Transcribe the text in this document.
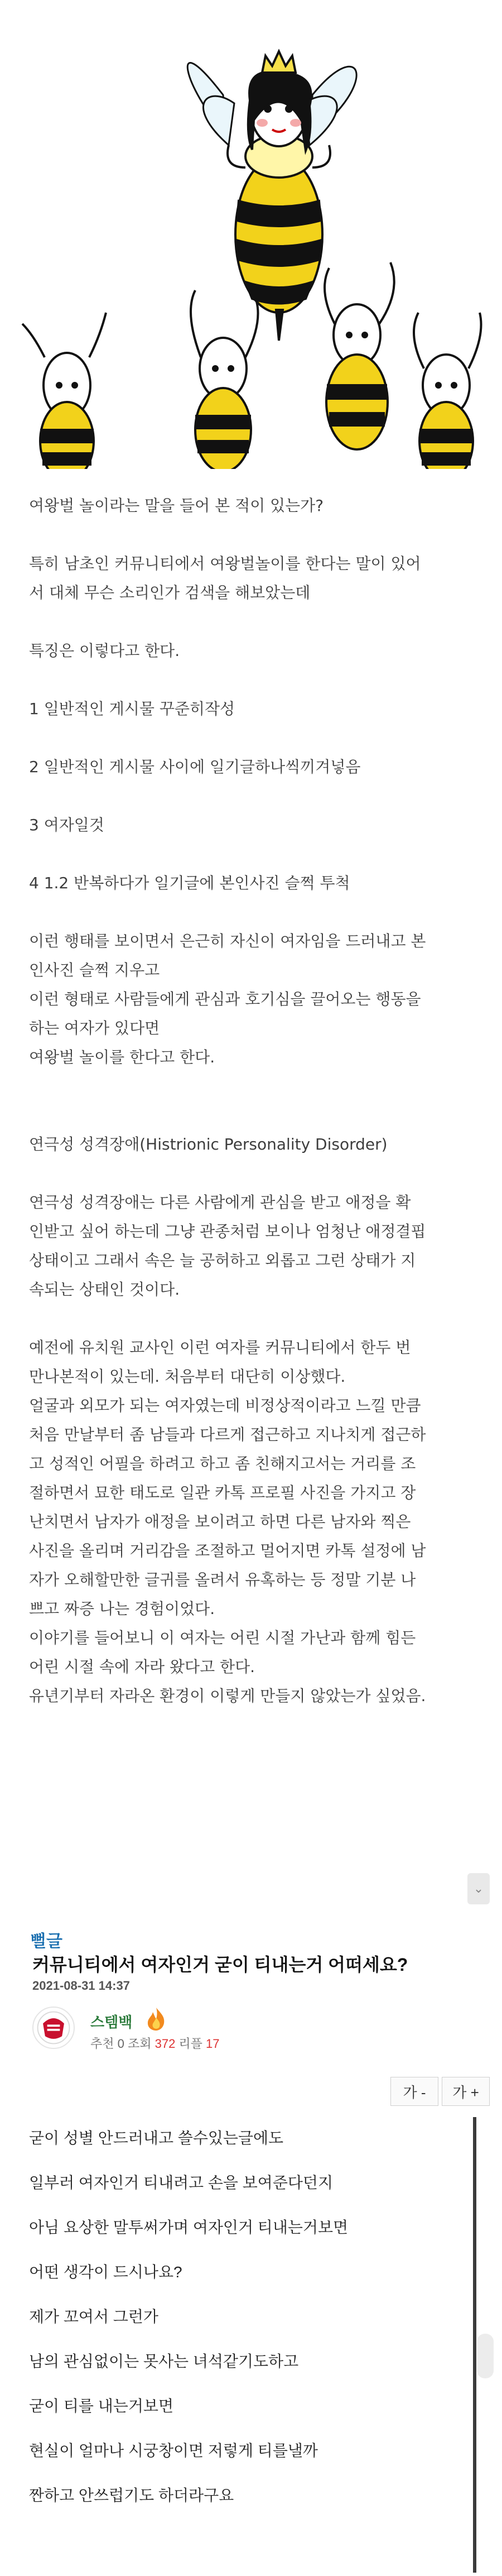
여왕벌 놀이라는 말을 들어 본 적이 있는가?

특히 남초인 커뮤니티에서 여왕벌놀이를 한다는 말이 있어
서 대체 무슨 소리인가 검색을 해보았는데

특징은 이렇다고 한다.

1 일반적인 게시물 꾸준히작성

2 일반적인 게시물 사이에 일기글하나씩끼겨넣음

3 여자일것

4 1.2 반복하다가 일기글에 본인사진 슬쩍 투척

이런 행태를 보이면서 은근히 자신이 여자임을 드러내고 본
인사진 슬쩍 지우고
이런 형태로 사람들에게 관심과 호기심을 끌어오는 행동을
하는 여자가 있다면
여왕벌 놀이를 한다고 한다.

연극성 성격장애(Histrionic Personality Disorder)

연극성 성격장애는 다른 사람에게 관심을 받고 애정을 확
인받고 싶어 하는데 그냥 관종처럼 보이나 엄청난 애정결핍
상태이고 그래서 속은 늘 공허하고 외롭고 그런 상태가 지
속되는 상태인 것이다.

예전에 유치원 교사인 이런 여자를 커뮤니티에서 한두 번
만나본적이 있는데. 처음부터 대단히 이상했다.

얼굴과 외모가 되는 여자였는데 비정상적이라고 느낄 만큼
처음 만날부터 좀 남들과 다르게 접근하고 지나치게 접근하
고 성적인 어필을 하려고 하고 좀 친해지고서는 거리를 조
절하면서 묘한 태도로 일관 카톡 프로필 사진을 가지고 장
난치면서 남자가 애정을 보이려고 하면 다른 남자와 찍은
사진을 올리며 거리감을 조절하고 멀어지면 카톡 설정에 남
자가 오해할만한 글귀를 올려서 유혹하는 등 정말 기분 나
쁘고 짜증 나는 경험이었다.

이야기를 들어보니 이 여자는 어린 시절 가난과 함께 힘든
어린 시절 속에 자라 왔다고 한다.

유년기부터 자라온 환경이 이렇게 만들지 않았는가 싶었음.

⌄
뻘글
커뮤니티에서 여자인거 굳이 티내는거 어떠세요?
2021-08-31 14:37
스템백
추천 0 조회 372 리플 17
가 -	가 +

굳이 성별 안드러내고 쓸수있는글에도

일부러 여자인거 티내려고 손을 보여준다던지

아님 요상한 말투써가며 여자인거 티내는거보면

어떤 생각이 드시나요?

제가 꼬여서 그런가

남의 관심없이는 못사는 녀석같기도하고

굳이 티를 내는거보면

현실이 얼마나 시궁창이면 저렇게 티를낼까

짠하고 안쓰럽기도 하더라구요
